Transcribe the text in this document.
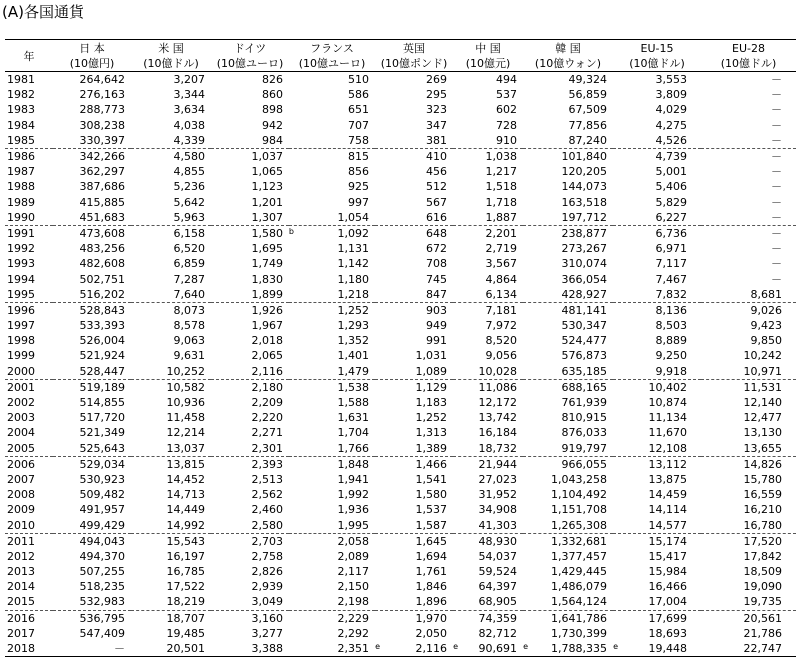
(A)各国通貨

年	日 本	米 国	ドイツ	フランス	英国	中 国	韓 国	EU-15	EU-28
	(10億円)	(10億ドル)	(10億ユーロ)	(10億ユーロ)	(10億ポンド)	(10億元)	(10億ウォン)	(10億ドル)	(10億ドル)
1981	264,642	3,207	826	510	269	494	49,324	3,553	－
1982	276,163	3,344	860	586	295	537	56,859	3,809	－
1983	288,773	3,634	898	651	323	602	67,509	4,029	－
1984	308,238	4,038	942	707	347	728	77,856	4,275	－
1985	330,397	4,339	984	758	381	910	87,240	4,526	－
1986	342,266	4,580	1,037	815	410	1,038	101,840	4,739	－
1987	362,297	4,855	1,065	856	456	1,217	120,205	5,001	－
1988	387,686	5,236	1,123	925	512	1,518	144,073	5,406	－
1989	415,885	5,642	1,201	997	567	1,718	163,518	5,829	－
1990	451,683	5,963	1,307	1,054	616	1,887	197,712	6,227	－
1991	473,608	6,158	1,580 b	1,092	648	2,201	238,877	6,736	－
1992	483,256	6,520	1,695	1,131	672	2,719	273,267	6,971	－
1993	482,608	6,859	1,749	1,142	708	3,567	310,074	7,117	－
1994	502,751	7,287	1,830	1,180	745	4,864	366,054	7,467	－
1995	516,202	7,640	1,899	1,218	847	6,134	428,927	7,832	8,681
1996	528,843	8,073	1,926	1,252	903	7,181	481,141	8,136	9,026
1997	533,393	8,578	1,967	1,293	949	7,972	530,347	8,503	9,423
1998	526,004	9,063	2,018	1,352	991	8,520	524,477	8,889	9,850
1999	521,924	9,631	2,065	1,401	1,031	9,056	576,873	9,250	10,242
2000	528,447	10,252	2,116	1,479	1,089	10,028	635,185	9,918	10,971
2001	519,189	10,582	2,180	1,538	1,129	11,086	688,165	10,402	11,531
2002	514,855	10,936	2,209	1,588	1,183	12,172	761,939	10,874	12,140
2003	517,720	11,458	2,220	1,631	1,252	13,742	810,915	11,134	12,477
2004	521,349	12,214	2,271	1,704	1,313	16,184	876,033	11,670	13,130
2005	525,643	13,037	2,301	1,766	1,389	18,732	919,797	12,108	13,655
2006	529,034	13,815	2,393	1,848	1,466	21,944	966,055	13,112	14,826
2007	530,923	14,452	2,513	1,941	1,541	27,023	1,043,258	13,875	15,780
2008	509,482	14,713	2,562	1,992	1,580	31,952	1,104,492	14,459	16,559
2009	491,957	14,449	2,460	1,936	1,537	34,908	1,151,708	14,114	16,210
2010	499,429	14,992	2,580	1,995	1,587	41,303	1,265,308	14,577	16,780
2011	494,043	15,543	2,703	2,058	1,645	48,930	1,332,681	15,174	17,520
2012	494,370	16,197	2,758	2,089	1,694	54,037	1,377,457	15,417	17,842
2013	507,255	16,785	2,826	2,117	1,761	59,524	1,429,445	15,984	18,509
2014	518,235	17,522	2,939	2,150	1,846	64,397	1,486,079	16,466	19,090
2015	532,983	18,219	3,049	2,198	1,896	68,905	1,564,124	17,004	19,735
2016	536,795	18,707	3,160	2,229	1,970	74,359	1,641,786	17,699	20,561
2017	547,409	19,485	3,277	2,292	2,050	82,712	1,730,399	18,693	21,786
2018	－	20,501	3,388	2,351 e	2,116 e	90,691 e	1,788,335 e	19,448	22,747
